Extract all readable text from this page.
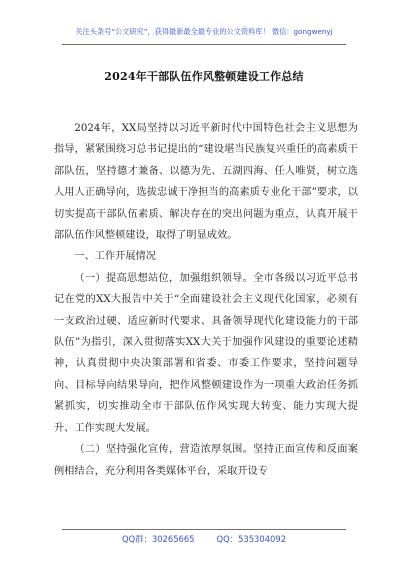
关注头条号“公文研究”，获得最新最全最专业的公文资料库！ 微信：gongwenyj
2024年干部队伍作风整顿建设工作总结

2024年，XX局坚持以习近平新时代中国特色社会主义思想为指导，紧紧围绕习总书记提出的“建设堪当民族复兴重任的高素质干部队伍，坚持德才兼备、以德为先、五湖四海、任人唯贤，树立选人用人正确导向，选拔忠诚干净担当的高素质专业化干部”要求，以切实提高干部队伍素质、解决存在的突出问题为重点，认真开展干部队伍作风整顿建设，取得了明显成效。

一、工作开展情况

（一）提高思想站位，加强组织领导。全市各级以习近平总书记在党的XX大报告中关于“全面建设社会主义现代化国家，必须有一支政治过硬、适应新时代要求、具备领导现代化建设能力的干部队伍”为指引，深入贯彻落实XX大关于加强作风建设的重要论述精神，认真贯彻中央决策部署和省委、市委工作要求，坚持问题导向、目标导向结果导向，把作风整顿建设作为一项重大政治任务抓紧抓实，切实推动全市干部队伍作风实现大转变、能力实现大提升、工作实现大发展。

（二）坚持强化宣传，营造浓厚氛围。坚持正面宣传和反面案例相结合，充分利用各类媒体平台，采取开设专

QQ群：30265665	QQ：535304092
